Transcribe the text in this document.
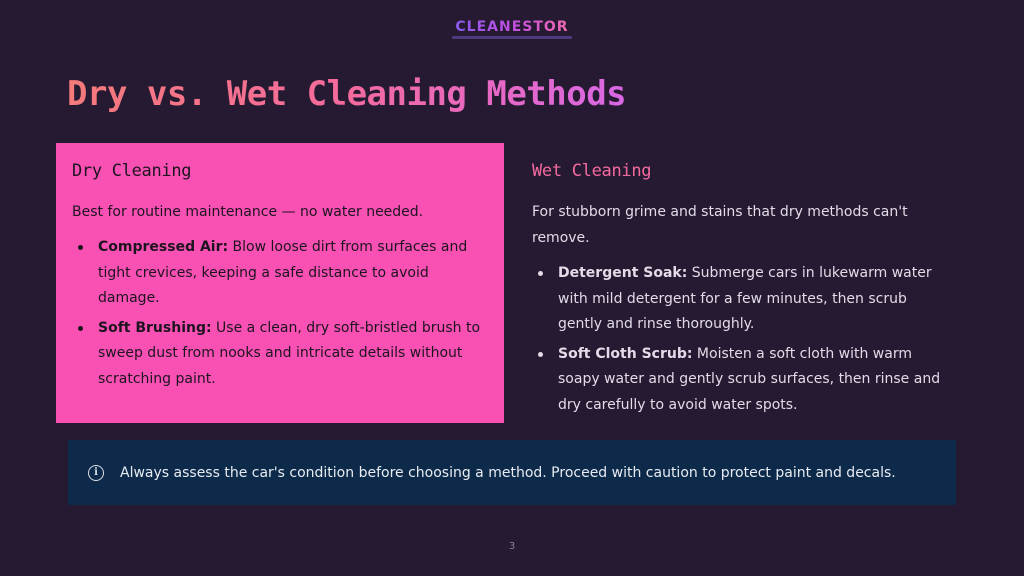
CLEANESTOR
Dry vs. Wet Cleaning Methods
Dry Cleaning

Best for routine maintenance — no water needed.

Compressed Air: Blow loose dirt from surfaces and tight crevices, keeping a safe distance to avoid damage.
Soft Brushing: Use a clean, dry soft-bristled brush to sweep dust from nooks and intricate details without scratching paint.
Wet Cleaning

For stubborn grime and stains that dry methods can't remove.

Detergent Soak: Submerge cars in lukewarm water with mild detergent for a few minutes, then scrub gently and rinse thoroughly.
Soft Cloth Scrub: Moisten a soft cloth with warm soapy water and gently scrub surfaces, then rinse and dry carefully to avoid water spots.
i	Always assess the car's condition before choosing a method. Proceed with caution to protect paint and decals.
3
